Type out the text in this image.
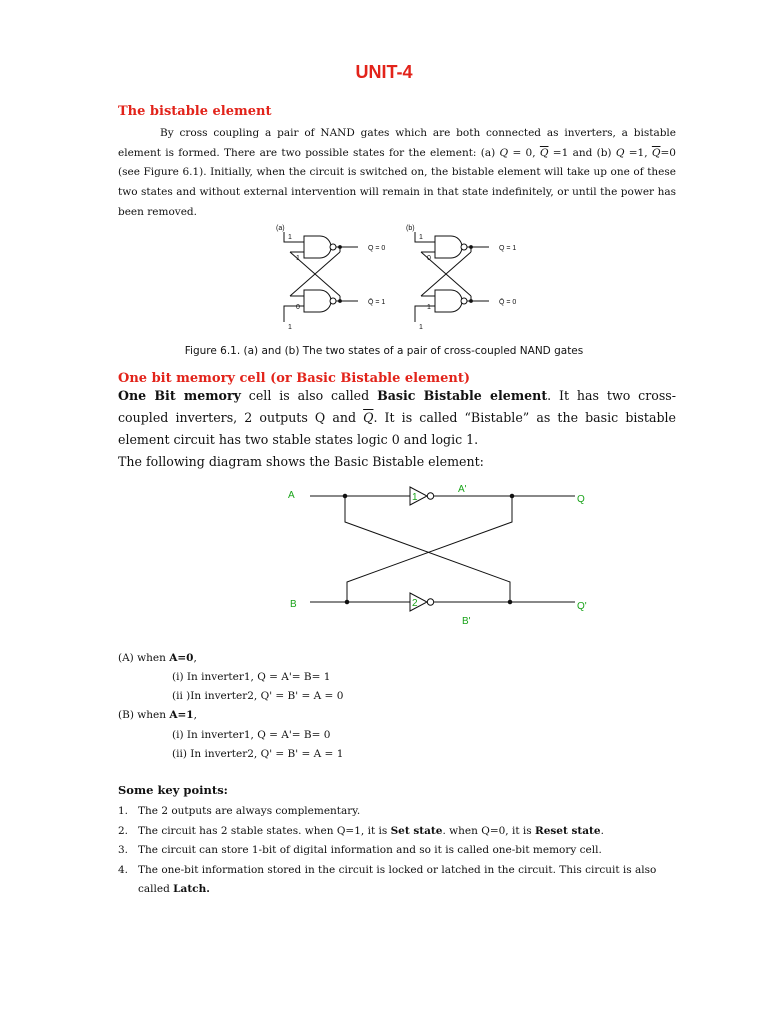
UNIT-4
The bistable element
By cross coupling a pair of NAND gates which are both connected as inverters, a bistable element is formed. There are two possible states for the element: (a) Q = 0, $\overline{Q} =1$ and (b) Q =1, $\overline{Q}=0$ (see Figure 6.1). Initially, when the circuit is switched on, the bistable element will take up one of these two states and without external intervention will remain in that state indefinitely, or until the power has been removed.
(a)	(b)
1
1
Q = 0
0
Q̄ = 1
1
1
0
Q = 1
1
Q̄ = 0
1
Figure 6.1. (a) and (b) The two states of a pair of cross-coupled NAND gates
One bit memory cell (or Basic Bistable element)
One Bit memory cell is also called Basic Bistable element. It has two cross-coupled inverters, 2 outputs Q and $\overline{Q}$. It is called “Bistable” as the basic bistable element circuit has two stable states logic 0 and logic 1.
The following diagram shows the Basic Bistable element:
A
A'
Q
1
B
B'
Q'
2
(A) when A=0,
(i) In inverter1, Q = A'= B= 1
(ii )In inverter2, Q' = B' = A = 0
(B) when A=1,
(i) In inverter1, Q = A'= B= 0
(ii) In inverter2, Q' = B' = A = 1
Some key points:
1. The 2 outputs are always complementary.
2. The circuit has 2 stable states. when Q=1, it is Set state. when Q=0, it is Reset state.
3. The circuit can store 1-bit of digital information and so it is called one-bit memory cell.
4. The one-bit information stored in the circuit is locked or latched in the circuit. This circuit is also called Latch.
